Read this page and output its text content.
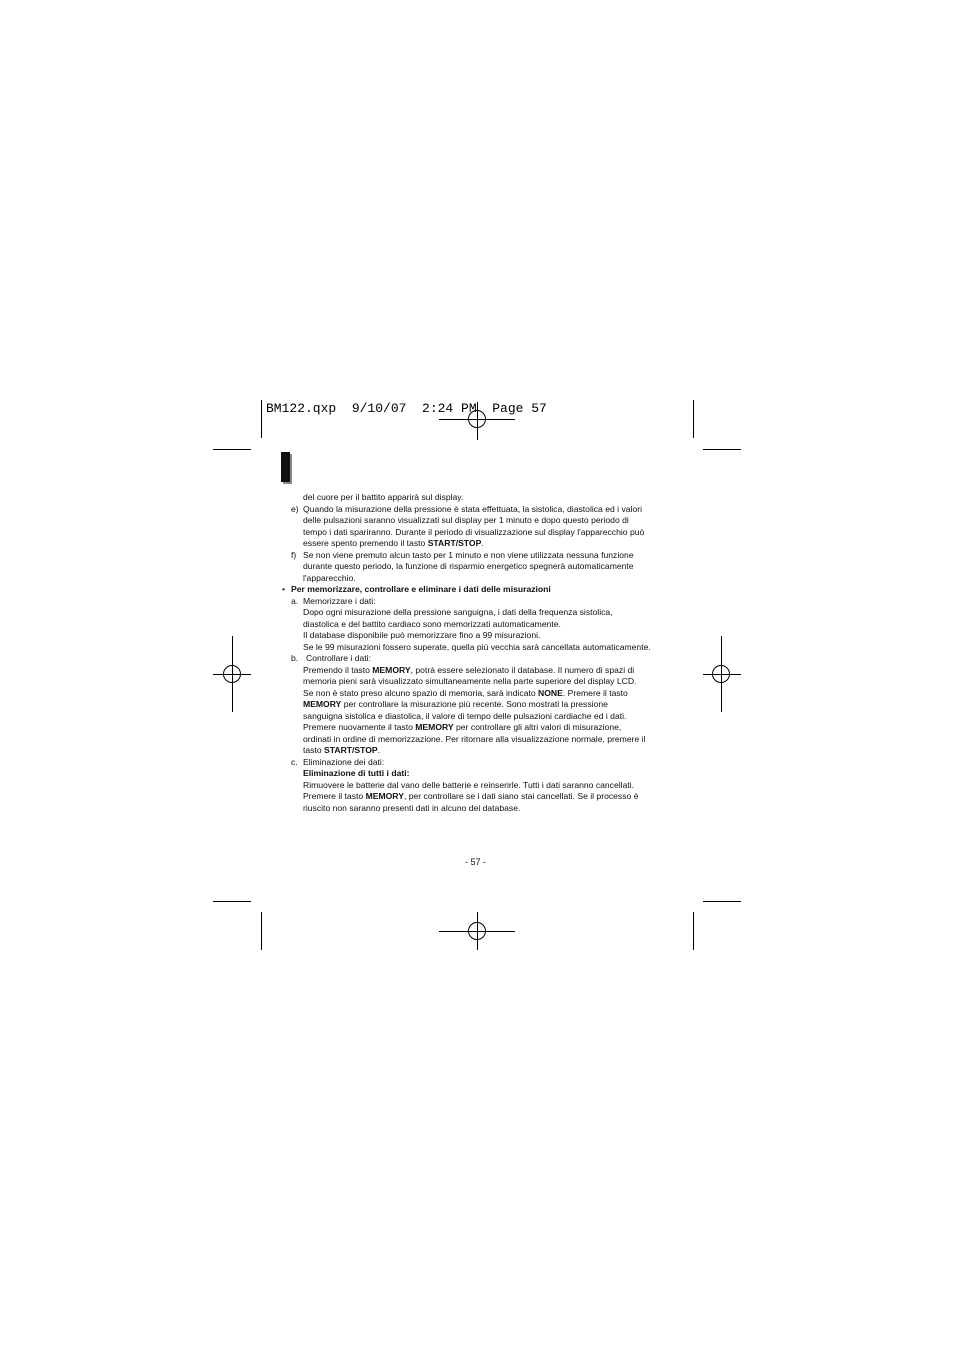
BM122.qxp  9/10/07  2:24 PM  Page 57
del cuore per il battito apparirà sul display.
e) Quando la misurazione della pressione è stata effettuata, la sistolica, diastolica ed i valori
delle pulsazioni saranno visualizzati sul display per 1 minuto e dopo questo periodo di
tempo i dati spariranno. Durante il periodo di visualizzazione sul display l'apparecchio può
essere spento premendo il tasto START/STOP.
f) Se non viene premuto alcun tasto per 1 minuto e non viene utilizzata nessuna funzione
durante questo periodo, la funzione di risparmio energetico spegnerà automaticamente
l'apparecchio.
• Per memorizzare, controllare e eliminare i dati delle misurazioni
a. Memorizzare i dati:
Dopo ogni misurazione della pressione sanguigna, i dati della frequenza sistolica,
diastolica e del battito cardiaco sono memorizzati automaticamente.
Il database disponibile può memorizzare fino a 99 misurazioni.
Se le 99 misurazioni fossero superate, quella più vecchia sarà cancellata automaticamente.
b. Controllare i dati:
Premendo il tasto MEMORY, potrà essere selezionato il database. Il numero di spazi di
memoria pieni sarà visualizzato simultaneamente nella parte superiore del display LCD.
Se non è stato preso alcuno spazio di memoria, sarà indicato NONE. Premere il tasto
MEMORY per controllare la misurazione più recente. Sono mostrati la pressione
sanguigna sistolica e diastolica, il valore di tempo delle pulsazioni cardiache ed i dati.
Premere nuovamente il tasto MEMORY per controllare gli altri valori di misurazione,
ordinati in ordine di memorizzazione. Per ritornare alla visualizzazione normale, premere il
tasto START/STOP.
c. Eliminazione dei dati:
Eliminazione di tutti i dati:
Rimuovere le batterie dal vano delle batterie e reinserirle. Tutti i dati saranno cancellati.
Premere il tasto MEMORY, per controllare se i dati siano stai cancellati. Se il processo è
riuscito non saranno presenti dati in alcuno dei database.
- 57 -
